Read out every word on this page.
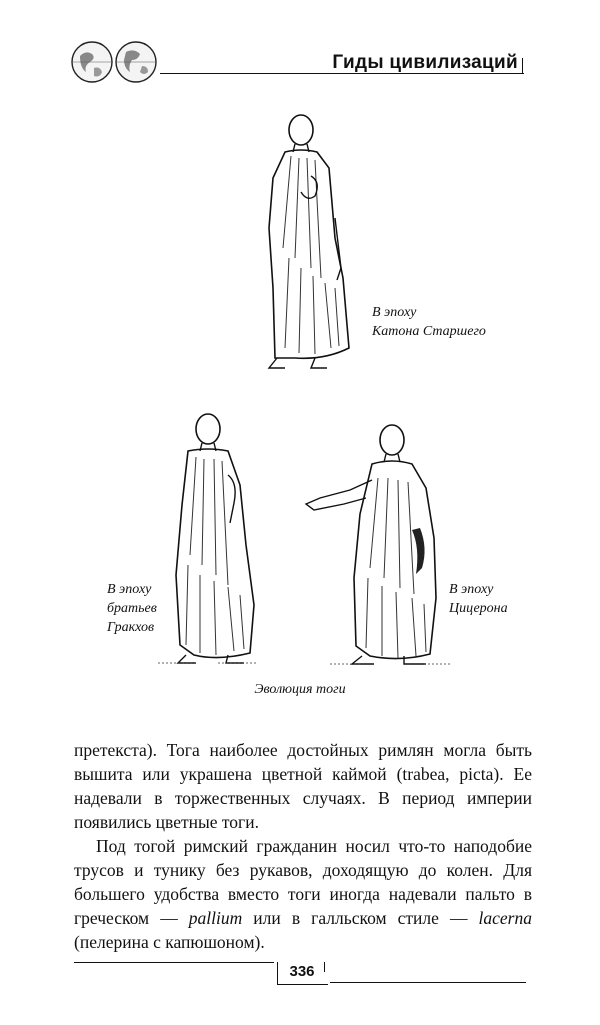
Гиды цивилизаций
В эпоху
Катона Старшего
В эпоху
братьев
Гракхов
В эпоху
Цицерона
Эволюция тоги

претекста). Тога наиболее достойных римлян могла быть вышита или украшена цветной каймой (trabea, picta). Ее надевали в торжественных случаях. В период империи появились цветные тоги.

Под тогой римский гражданин носил что-то наподобие трусов и тунику без рукавов, доходящую до колен. Для большего удобства вместо тоги иногда надевали пальто в греческом — pallium или в галльском стиле — lacerna (пелерина с капюшоном).

336
